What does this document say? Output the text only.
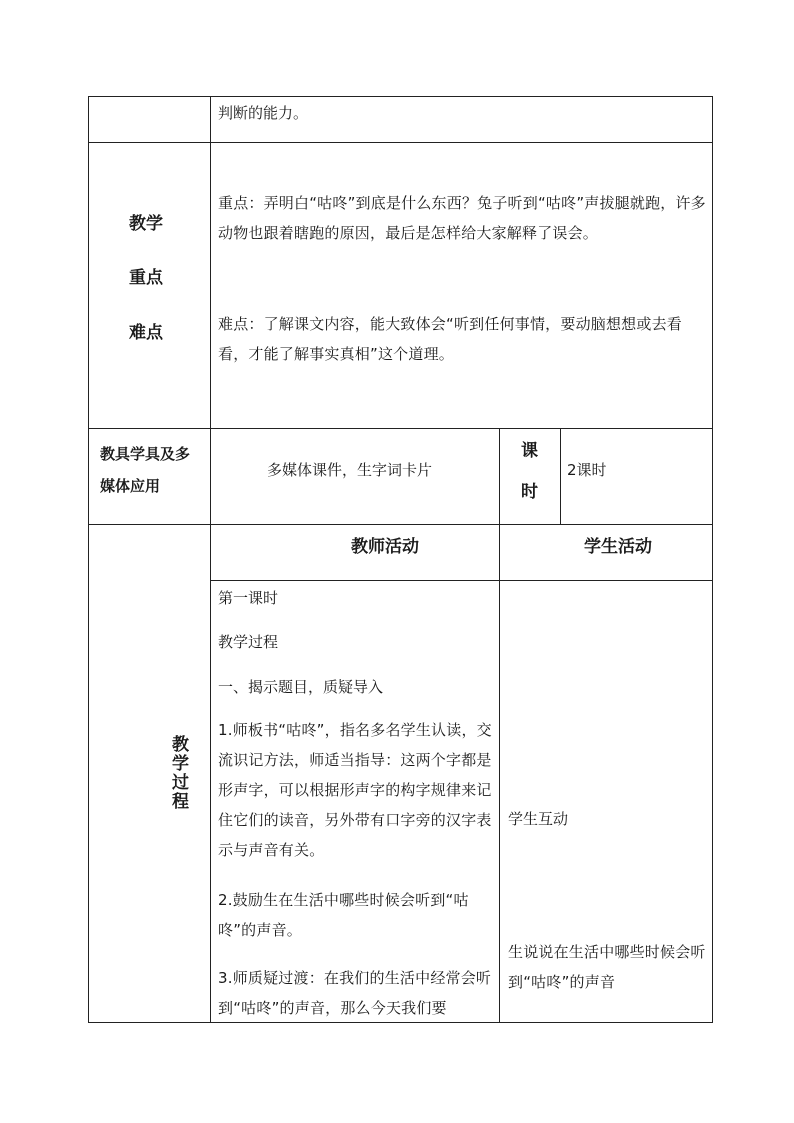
判断的能力。
教学
重点
难点
重点：弄明白“咕咚”到底是什么东西？兔子听到“咕咚”声拔腿就跑，许多动物也跟着瞎跑的原因，最后是怎样给大家解释了误会。
难点：了解课文内容，能大致体会“听到任何事情，要动脑想想或去看看，才能了解事实真相”这个道理。
教具学具及多
媒体应用
多媒体课件，生字词卡片
课
时
2课时
教
学
过
程
教师活动	学生活动
第一课时
教学过程
一、揭示题目，质疑导入
1.师板书“咕咚”，指名多名学生认读，交流识记方法，师适当指导：这两个字都是形声字，可以根据形声字的构字规律来记住它们的读音，另外带有口字旁的汉字表示与声音有关。
2.鼓励生在生活中哪些时候会听到“咕咚”的声音。
3.师质疑过渡：在我们的生活中经常会听到“咕咚”的声音，那么今天我们要
学生互动
生说说在生活中哪些时候会听到“咕咚”的声音
